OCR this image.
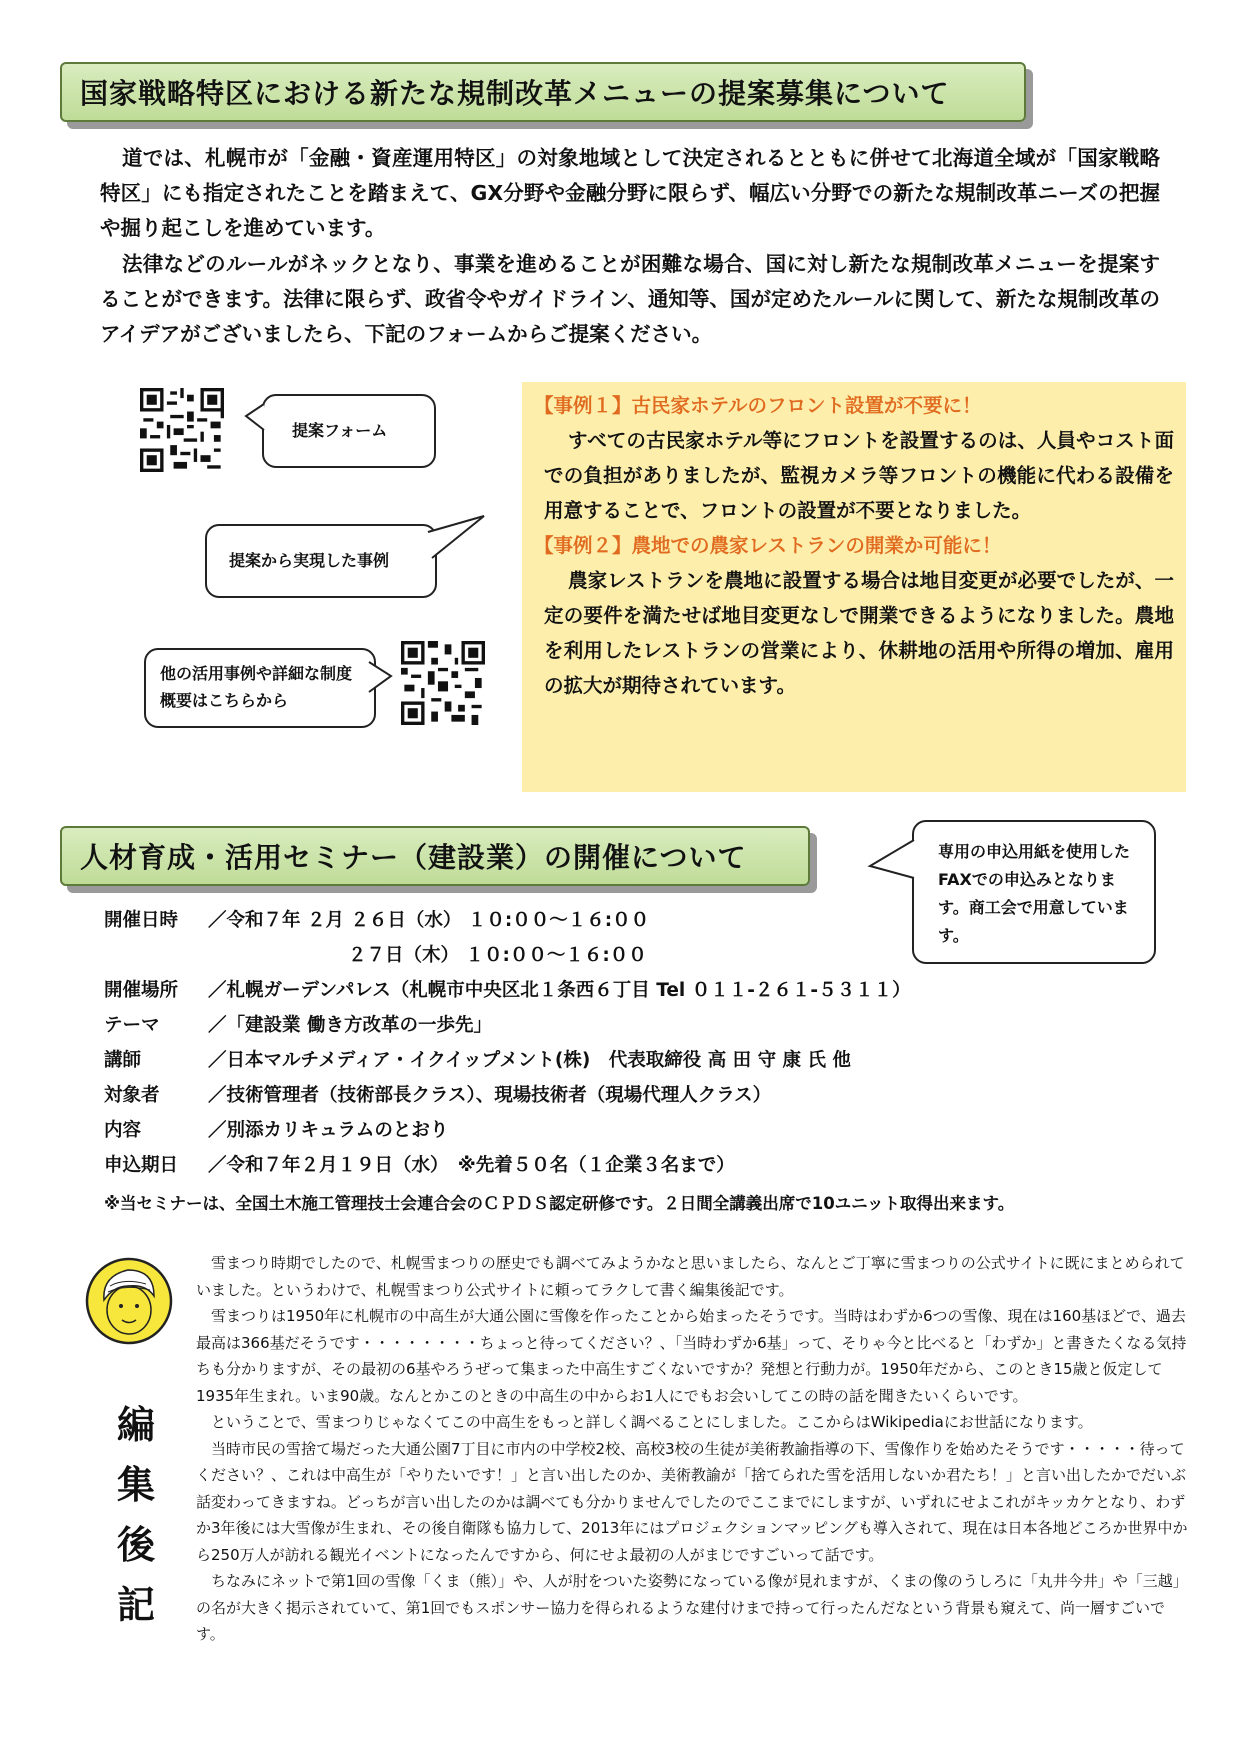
国家戦略特区における新たな規制改革メニューの提案募集について

道では、札幌市が「金融・資産運用特区」の対象地域として決定されるとともに併せて北海道全域が「国家戦略特区」にも指定されたことを踏まえて、GX分野や金融分野に限らず、幅広い分野での新たな規制改革ニーズの把握や掘り起こしを進めています。

法律などのルールがネックとなり、事業を進めることが困難な場合、国に対し新たな規制改革メニューを提案することができます。法律に限らず、政省令やガイドライン、通知等、国が定めたルールに関して、新たな規制改革のアイデアがございましたら、下記のフォームからご提案ください。

提案フォーム
提案から実現した事例
他の活用事例や詳細な制度概要はこちらから

【事例１】古民家ホテルのフロント設置が不要に！

すべての古民家ホテル等にフロントを設置するのは、人員やコスト面での負担がありましたが、監視カメラ等フロントの機能に代わる設備を用意することで、フロントの設置が不要となりました。

【事例２】農地での農家レストランの開業か可能に！

農家レストランを農地に設置する場合は地目変更が必要でしたが、一定の要件を満たせば地目変更なしで開業できるようになりました。農地を利用したレストランの営業により、休耕地の活用や所得の増加、雇用の拡大が期待されています。

人材育成・活用セミナー（建設業）の開催について	専用の申込用紙を使用したFAXでの申込みとなります。商工会で用意しています。
開催日時 ／令和７年 ２月 ２６日（水） １０:００～１６:００
２７日（木） １０:００～１６:００
開催場所 ／札幌ガーデンパレス（札幌市中央区北１条西６丁目 Tel ０１１-２６１-５３１１）
テーマ	／「建設業 働き方改革の一歩先」
講師	／日本マルチメディア・イクイップメント(株)　代表取締役 高 田 守 康 氏 他
対象者	／技術管理者（技術部長クラス）、現場技術者（現場代理人クラス）
内容	／別添カリキュラムのとおり
申込期日 ／令和７年２月１９日（水）　※先着５０名（１企業３名まで）
※当セミナーは、全国土木施工管理技士会連合会のＣＰＤＳ認定研修です。２日間全講義出席で10ユニット取得出来ます。
編
集
後
記

雪まつり時期でしたので、札幌雪まつりの歴史でも調べてみようかなと思いましたら、なんとご丁寧に雪まつりの公式サイトに既にまとめられていました。というわけで、札幌雪まつり公式サイトに頼ってラクして書く編集後記です。

雪まつりは1950年に札幌市の中高生が大通公園に雪像を作ったことから始まったそうです。当時はわずか6つの雪像、現在は160基ほどで、過去最高は366基だそうです・・・・・・・・ちょっと待ってください？、「当時わずか6基」って、そりゃ今と比べると「わずか」と書きたくなる気持ちも分かりますが、その最初の6基やろうぜって集まった中高生すごくないですか？発想と行動力が。1950年だから、このとき15歳と仮定して1935年生まれ。いま90歳。なんとかこのときの中高生の中からお1人にでもお会いしてこの時の話を聞きたいくらいです。

ということで、雪まつりじゃなくてこの中高生をもっと詳しく調べることにしました。ここからはWikipediaにお世話になります。

当時市民の雪捨て場だった大通公園7丁目に市内の中学校2校、高校3校の生徒が美術教諭指導の下、雪像作りを始めたそうです・・・・・待ってください？、これは中高生が「やりたいです！」と言い出したのか、美術教諭が「捨てられた雪を活用しないか君たち！」と言い出したかでだいぶ話変わってきますね。どっちが言い出したのかは調べても分かりませんでしたのでここまでにしますが、いずれにせよこれがキッカケとなり、わずか3年後には大雪像が生まれ、その後自衛隊も協力して、2013年にはプロジェクションマッピングも導入されて、現在は日本各地どころか世界中から250万人が訪れる観光イベントになったんですから、何にせよ最初の人がまじですごいって話です。

ちなみにネットで第1回の雪像「くま（熊）」や、人が肘をついた姿勢になっている像が見れますが、くまの像のうしろに「丸井今井」や「三越」の名が大きく掲示されていて、第1回でもスポンサー協力を得られるような建付けまで持って行ったんだなという背景も窺えて、尚一層すごいです。
